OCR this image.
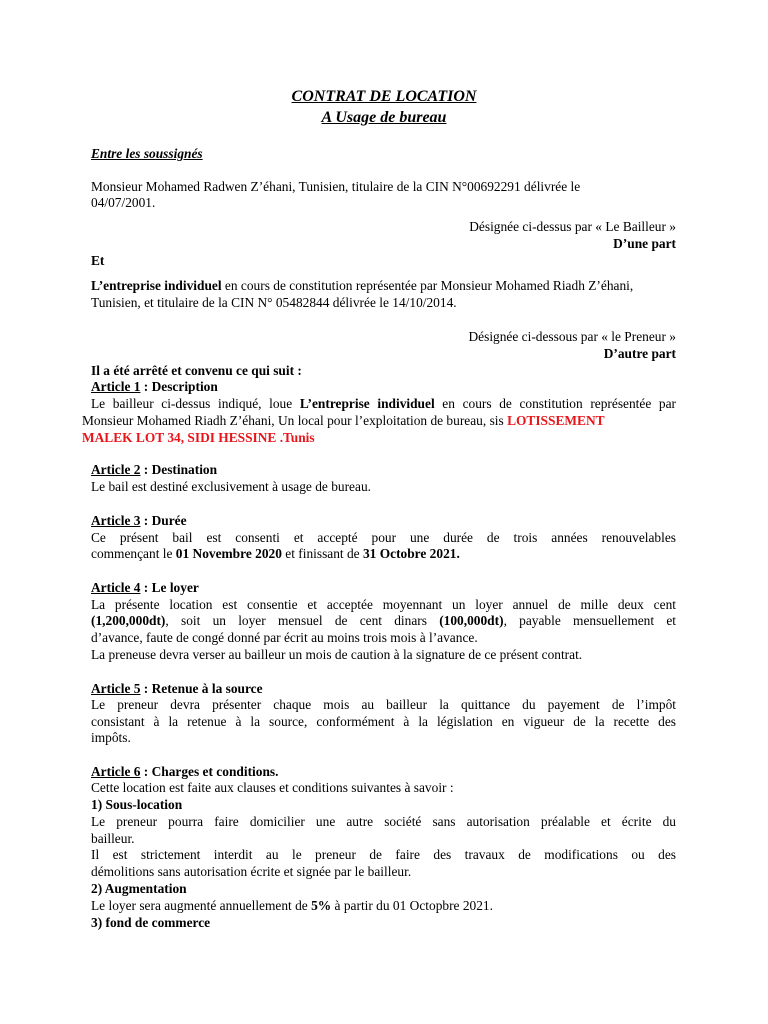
CONTRAT DE LOCATION
A Usage de bureau
Entre les soussignés
Monsieur Mohamed Radwen Z’éhani, Tunisien, titulaire de la CIN N°00692291 délivrée le
04/07/2001.
Désignée ci-dessus par « Le Bailleur »
D’une part
Et
L’entreprise individuel en cours de constitution représentée par Monsieur Mohamed Riadh Z’éhani,
Tunisien, et titulaire de la CIN N° 05482844 délivrée le 14/10/2014.
Désignée ci-dessous par « le Preneur »
D’autre part
Il a été arrêté et convenu ce qui suit :
Article 1 : Description
Le bailleur ci-dessus indiqué, loue L’entreprise individuel en cours de constitution représentée par
Monsieur Mohamed Riadh Z’éhani, Un local pour l’exploitation de bureau, sis LOTISSEMENT
MALEK LOT 34, SIDI HESSINE .Tunis
Article 2 : Destination
Le bail est destiné exclusivement à usage de bureau.
Article 3 : Durée
Ce présent bail est consenti et accepté pour une durée de trois années renouvelables
commençant le 01 Novembre 2020 et finissant de 31 Octobre 2021.
Article 4 : Le loyer
La présente location est consentie et acceptée moyennant un loyer annuel de mille deux cent
(1,200,000dt), soit un loyer mensuel de cent dinars (100,000dt), payable mensuellement et
d’avance, faute de congé donné par écrit au moins trois mois à l’avance.
La preneuse devra verser au bailleur un mois de caution à la signature de ce présent contrat.
Article 5 : Retenue à la source
Le preneur devra présenter chaque mois au bailleur la quittance du payement de l’impôt
consistant à la retenue à la source, conformément à la législation en vigueur de la recette des
impôts.
Article 6 : Charges et conditions.
Cette location est faite aux clauses et conditions suivantes à savoir :
1) Sous-location
Le preneur pourra faire domicilier une autre société sans autorisation préalable et écrite du
bailleur.
Il est strictement interdit au le preneur de faire des travaux de modifications ou des
démolitions sans autorisation écrite et signée par le bailleur.
2) Augmentation
Le loyer sera augmenté annuellement de 5% à partir du 01 Octopbre 2021.
3) fond de commerce
